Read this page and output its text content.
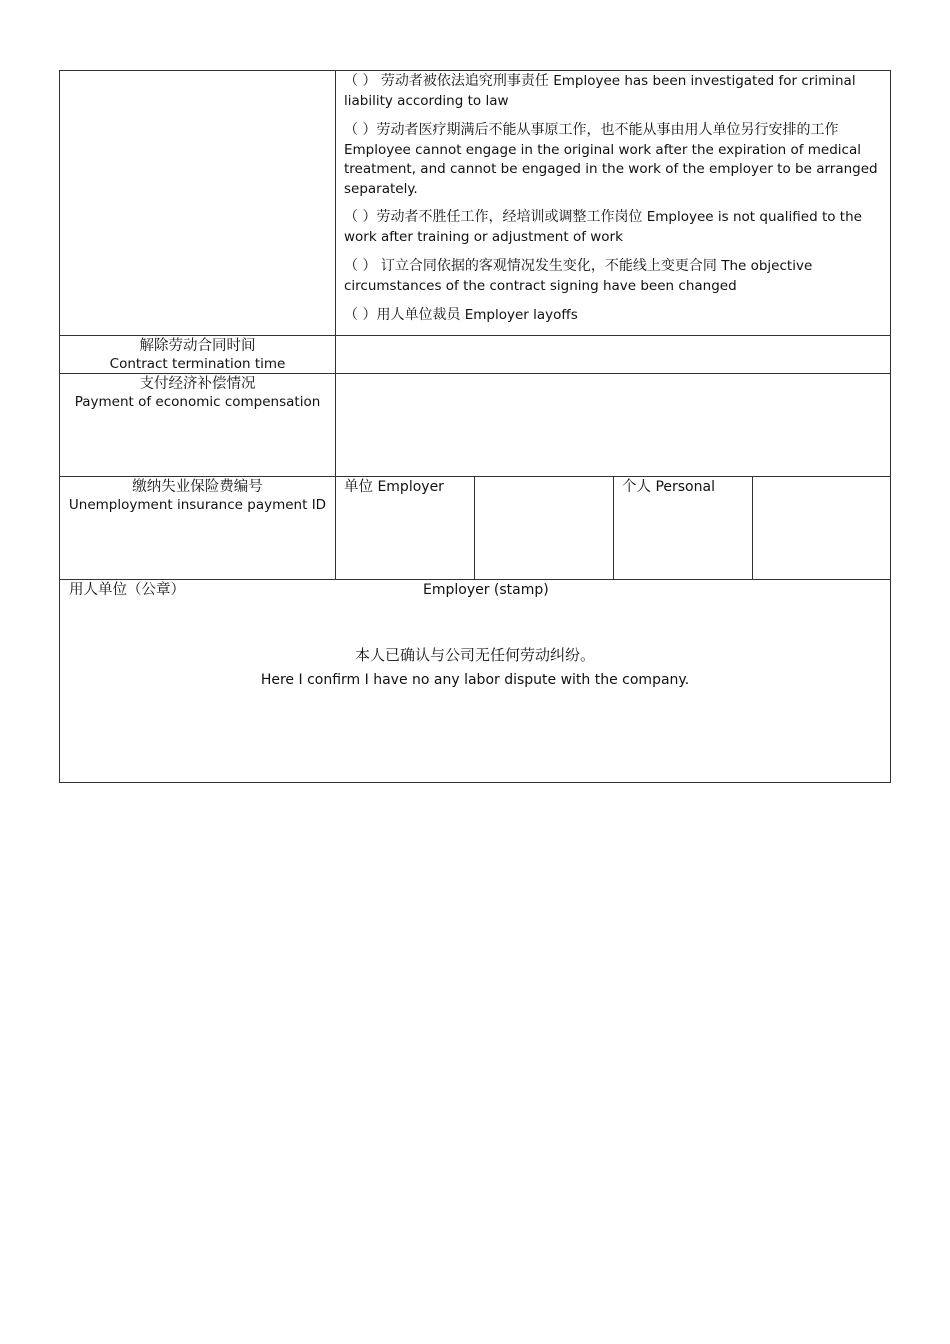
（ ） 劳动者被依法追究刑事责任 Employee has been investigated for criminal liability according to law
（ ）劳动者医疗期满后不能从事原工作，也不能从事由用人单位另行安排的工作 Employee cannot engage in the original work after the expiration of medical treatment, and cannot be engaged in the work of the employer to be arranged separately.
（ ）劳动者不胜任工作，经培训或调整工作岗位 Employee is not qualified to the work after training or adjustment of work
（ ） 订立合同依据的客观情况发生变化，不能线上变更合同 The objective circumstances of the contract signing have been changed
（ ）用人单位裁员 Employer layoffs
解除劳动合同时间
Contract termination time
支付经济补偿情况
Payment of economic compensation
缴纳失业保险费编号
Unemployment insurance payment ID
单位 Employer	个人 Personal
用人单位（公章）	Employer (stamp)
本人已确认与公司无任何劳动纠纷。
Here I confirm I have no any labor dispute with the company.
